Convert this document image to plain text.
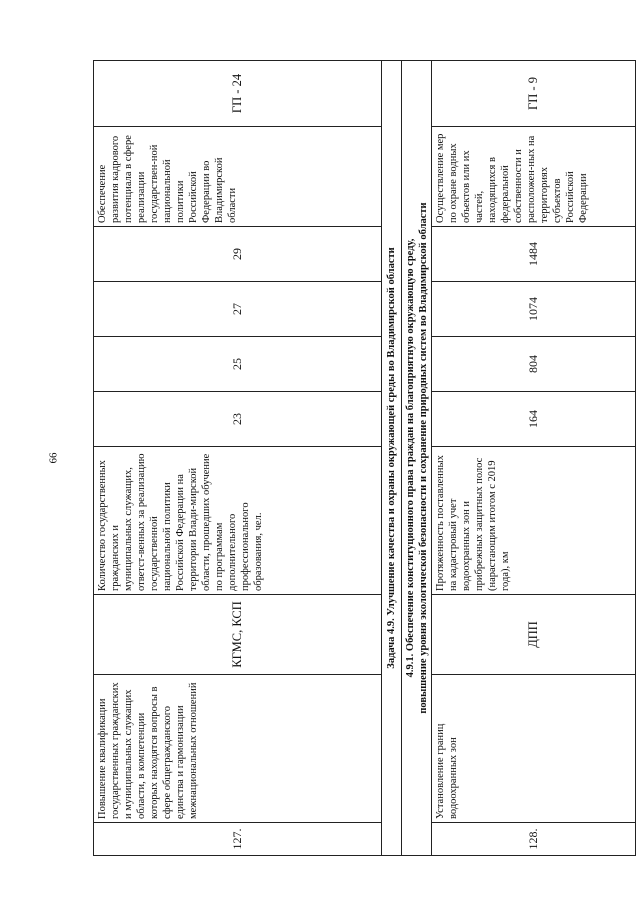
66
127.	Повышение квалификации государственных гражданских и муниципальных служащих области, в компетенции которых находятся вопросы в сфере общегражданского единства и гармонизации межнациональных отношений	КГМС, КСП	Количество государственных гражданских и муниципальных служащих, ответст-венных за реализацию государственной национальной политики Российской Федерации на территории Влади-мирской области, прошедших обучение по программам дополнительного профессионального образования, чел.	23	25	27	29	Обеспечение развития кадрового потенциала в сфере реализации государствен-ной национальной политики Российской Федерации во Владимирской области	ГП - 24
Задача 4.9. Улучшение качества и охраны окружающей среды во Владимирской области									

4.9.1. Обеспечение конституционного права граждан на благоприятную окружающую среду, повышение уровня экологической безопасности и сохранение природных систем во Владимирской области									

128.	Установление границ водоохранных зон	ДПП	Протяженность поставленных на кадастровый учет водоохранных зон и прибрежных защитных полос (нарастающим итогом с 2019 года), км	164	804	1074	1484	Осуществление мер по охране водных объектов или их частей, находящихся в федеральной собственности и расположен-ных на территориях субъектов Российской Федерации	ГП - 9
